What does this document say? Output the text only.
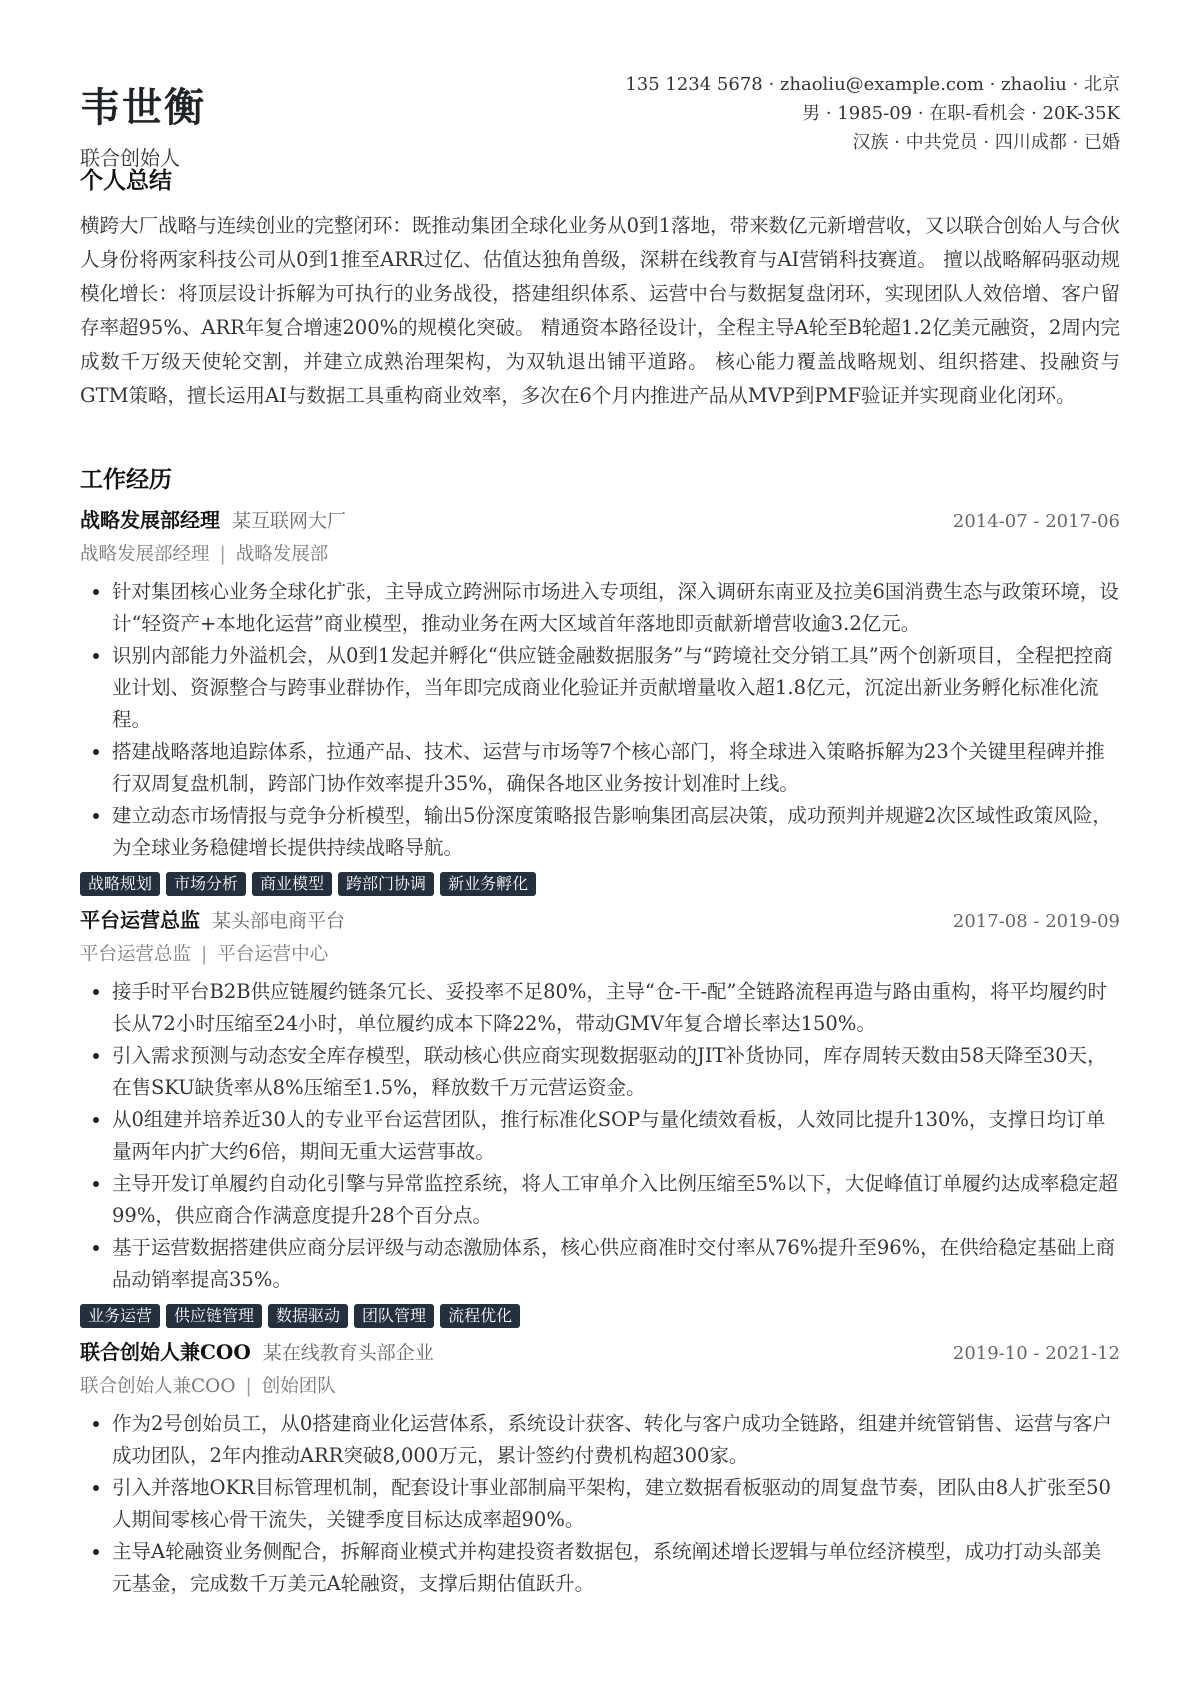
韦世衡
联合创始人
135 1234 5678 · zhaoliu@example.com · zhaoliu · 北京
男 · 1985-09 · 在职-看机会 · 20K-35K
汉族 · 中共党员 · 四川成都 · 已婚
个人总结

横跨大厂战略与连续创业的完整闭环：既推动集团全球化业务从0到1落地，带来数亿元新增营收，又以联合创始人与合伙人身份将两家科技公司从0到1推至ARR过亿、估值达独角兽级，深耕在线教育与AI营销科技赛道。 擅以战略解码驱动规模化增长：将顶层设计拆解为可执行的业务战役，搭建组织体系、运营中台与数据复盘闭环，实现团队人效倍增、客户留存率超95%、ARR年复合增速200%的规模化突破。 精通资本路径设计，全程主导A轮至B轮超1.2亿美元融资，2周内完成数千万级天使轮交割，并建立成熟治理架构，为双轨退出铺平道路。 核心能力覆盖战略规划、组织搭建、投融资与GTM策略，擅长运用AI与数据工具重构商业效率，多次在6个月内推进产品从MVP到PMF验证并实现商业化闭环。

工作经历
战略发展部经理 某互联网大厂	2014-07 - 2017-06
战略发展部经理 | 战略发展部
• 针对集团核心业务全球化扩张，主导成立跨洲际市场进入专项组，深入调研东南亚及拉美6国消费生态与政策环境，设计“轻资产+本地化运营”商业模型，推动业务在两大区域首年落地即贡献新增营收逾3.2亿元。
• 识别内部能力外溢机会，从0到1发起并孵化“供应链金融数据服务”与“跨境社交分销工具”两个创新项目，全程把控商业计划、资源整合与跨事业群协作，当年即完成商业化验证并贡献增量收入超1.8亿元，沉淀出新业务孵化标准化流程。
• 搭建战略落地追踪体系，拉通产品、技术、运营与市场等7个核心部门，将全球进入策略拆解为23个关键里程碑并推行双周复盘机制，跨部门协作效率提升35%，确保各地区业务按计划准时上线。
• 建立动态市场情报与竞争分析模型，输出5份深度策略报告影响集团高层决策，成功预判并规避2次区域性政策风险，为全球业务稳健增长提供持续战略导航。
战略规划	市场分析	商业模型	跨部门协调	新业务孵化
平台运营总监 某头部电商平台	2017-08 - 2019-09
平台运营总监 | 平台运营中心
• 接手时平台B2B供应链履约链条冗长、妥投率不足80%，主导“仓-干-配”全链路流程再造与路由重构，将平均履约时长从72小时压缩至24小时，单位履约成本下降22%，带动GMV年复合增长率达150%。
• 引入需求预测与动态安全库存模型，联动核心供应商实现数据驱动的JIT补货协同，库存周转天数由58天降至30天，在售SKU缺货率从8%压缩至1.5%，释放数千万元营运资金。
• 从0组建并培养近30人的专业平台运营团队，推行标准化SOP与量化绩效看板，人效同比提升130%，支撑日均订单量两年内扩大约6倍，期间无重大运营事故。
• 主导开发订单履约自动化引擎与异常监控系统，将人工审单介入比例压缩至5%以下，大促峰值订单履约达成率稳定超99%，供应商合作满意度提升28个百分点。
• 基于运营数据搭建供应商分层评级与动态激励体系，核心供应商准时交付率从76%提升至96%，在供给稳定基础上商品动销率提高35%。
业务运营	供应链管理	数据驱动	团队管理	流程优化
联合创始人兼COO 某在线教育头部企业	2019-10 - 2021-12
联合创始人兼COO | 创始团队
• 作为2号创始员工，从0搭建商业化运营体系，系统设计获客、转化与客户成功全链路，组建并统管销售、运营与客户成功团队，2年内推动ARR突破8,000万元，累计签约付费机构超300家。
• 引入并落地OKR目标管理机制，配套设计事业部制扁平架构，建立数据看板驱动的周复盘节奏，团队由8人扩张至50人期间零核心骨干流失，关键季度目标达成率超90%。
• 主导A轮融资业务侧配合，拆解商业模式并构建投资者数据包，系统阐述增长逻辑与单位经济模型，成功打动头部美元基金，完成数千万美元A轮融资，支撑后期估值跃升。
